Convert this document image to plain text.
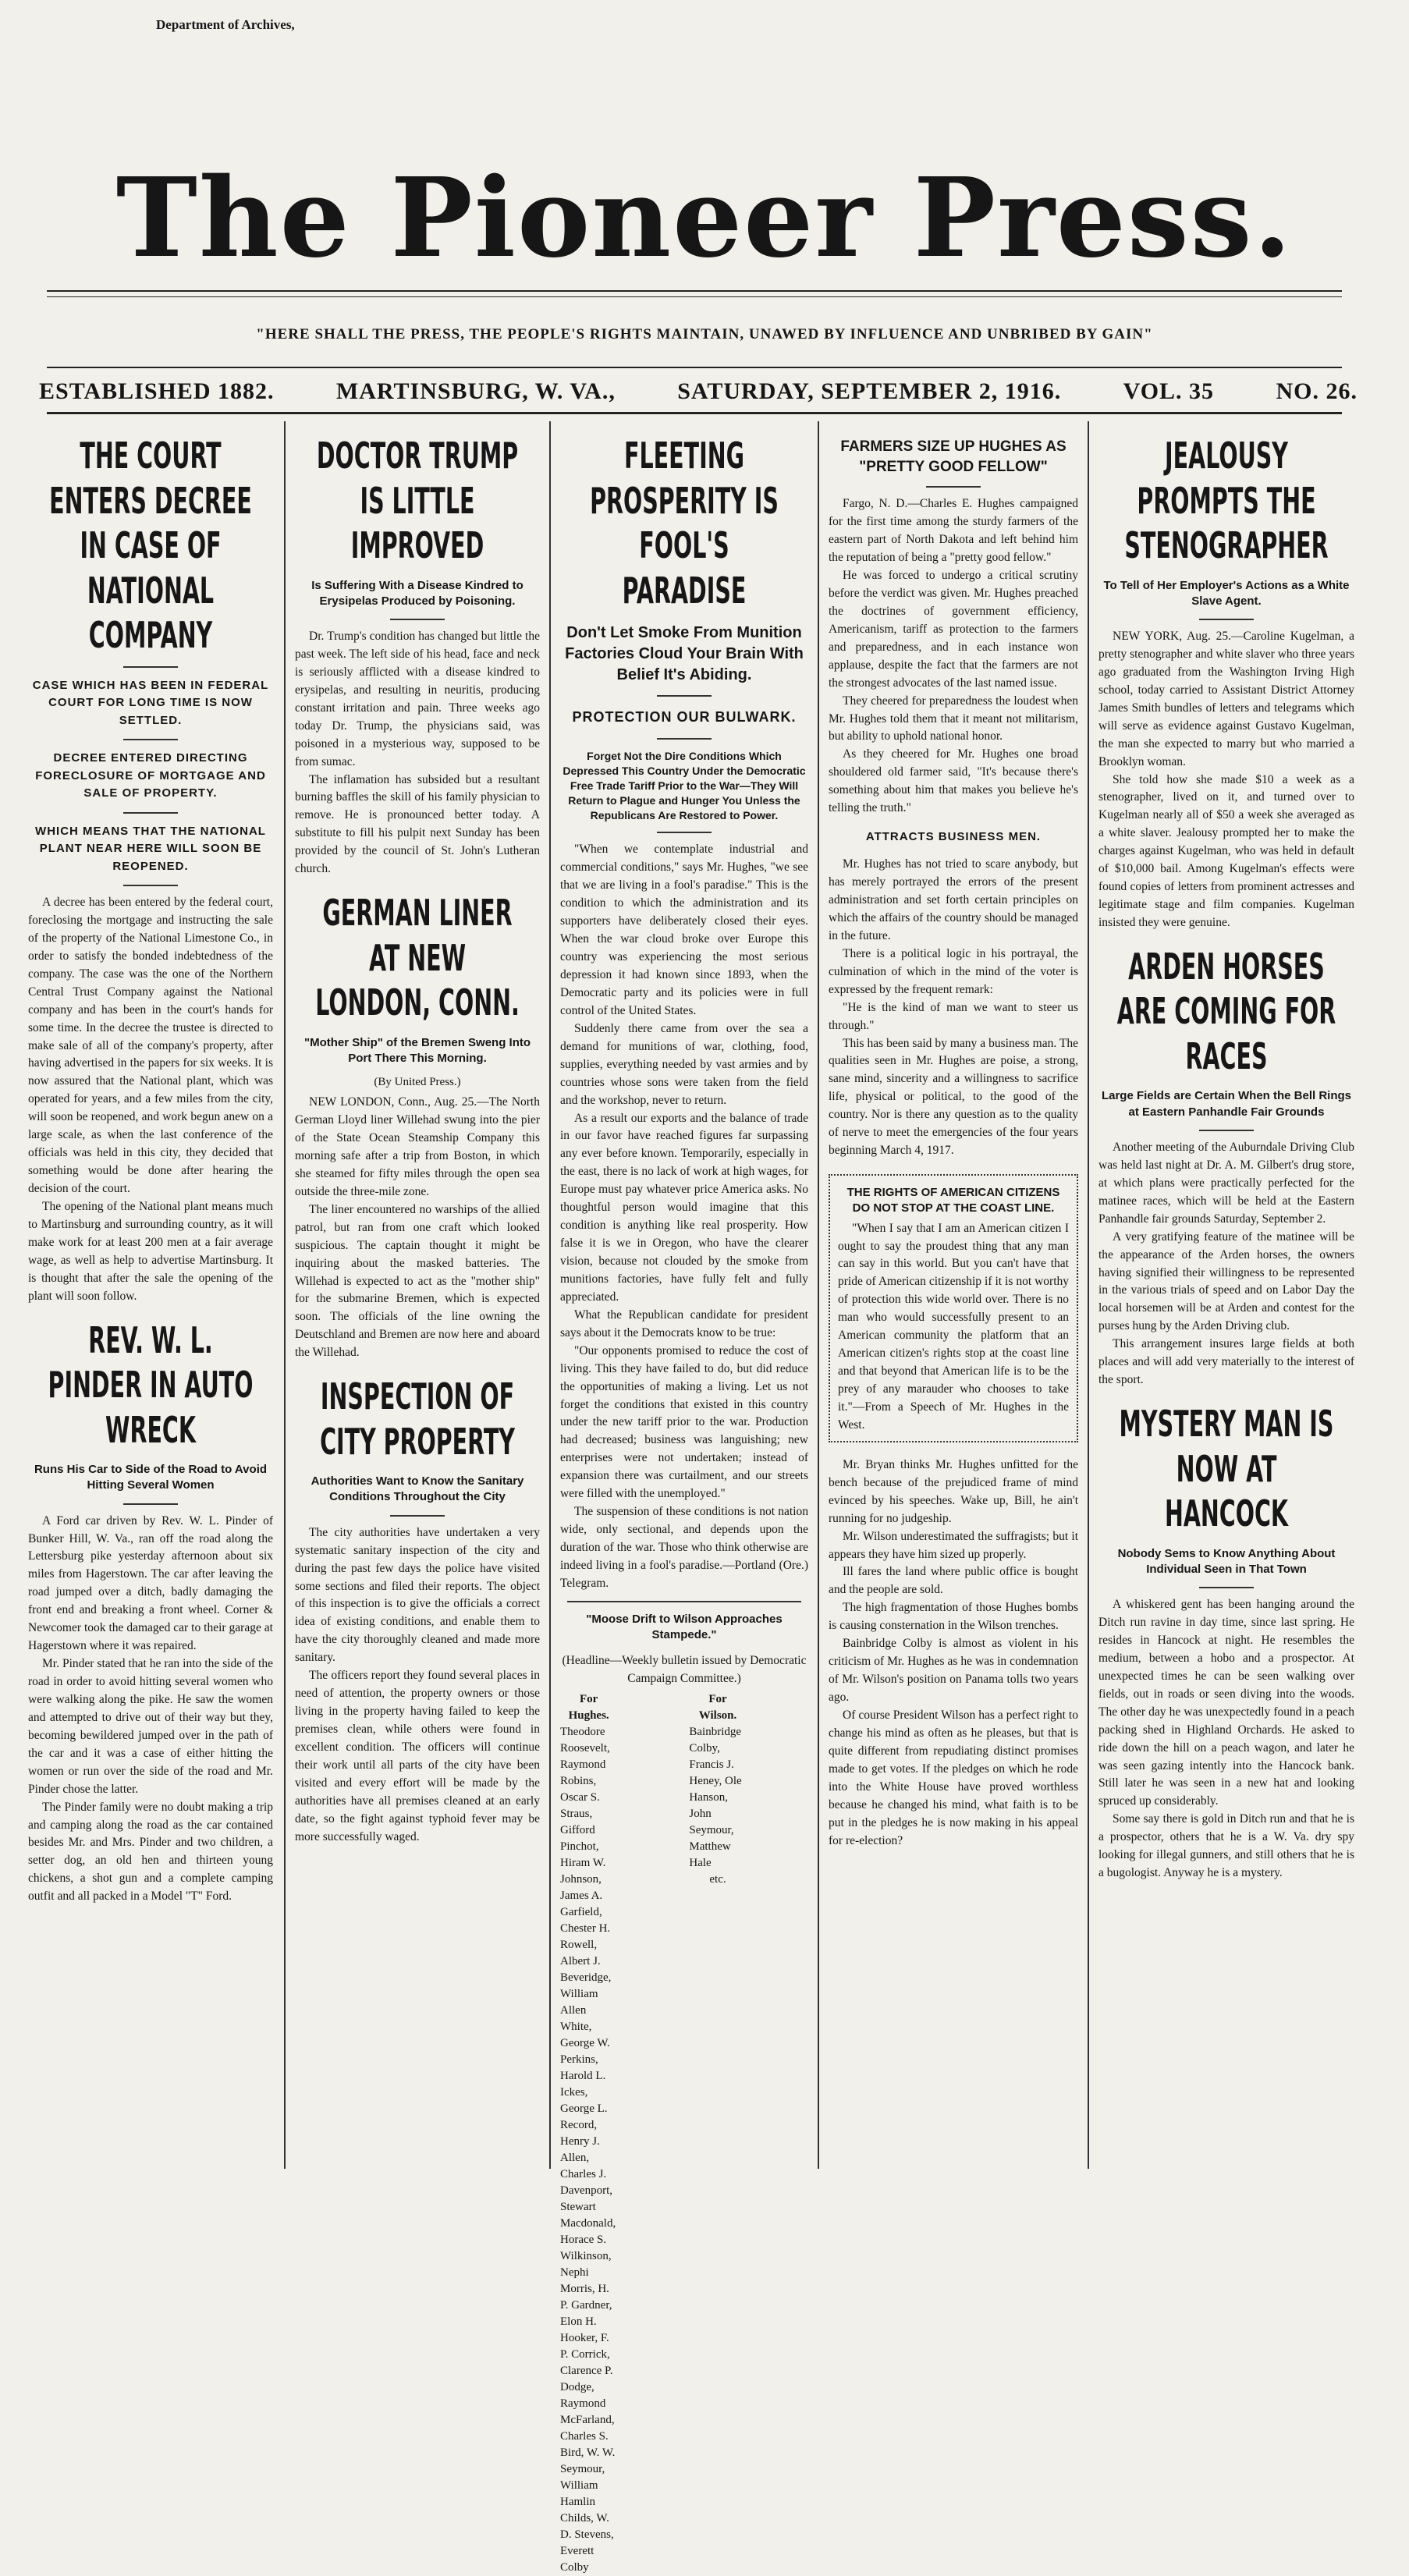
Department of Archives,
The Pioneer Press.
"HERE SHALL THE PRESS, THE PEOPLE'S RIGHTS MAINTAIN, UNAWED BY INFLUENCE AND UNBRIBED BY GAIN"
ESTABLISHED 1882.	MARTINSBURG, W. VA.,	SATURDAY, SEPTEMBER 2, 1916.	VOL. 35	NO. 26.
THE COURT ENTERS DECREE IN CASE OF NATIONAL COMPANY
CASE WHICH HAS BEEN IN FEDERAL COURT FOR LONG TIME IS NOW SETTLED.
DECREE ENTERED DIRECTING FORECLOSURE OF MORTGAGE AND SALE OF PROPERTY.
WHICH MEANS THAT THE NATIONAL PLANT NEAR HERE WILL SOON BE REOPENED.

A decree has been entered by the federal court, foreclosing the mortgage and instructing the sale of the property of the National Limestone Co., in order to satisfy the bonded indebtedness of the company. The case was the one of the Northern Central Trust Company against the National company and has been in the court's hands for some time. In the decree the trustee is directed to make sale of all of the company's property, after having advertised in the papers for six weeks. It is now assured that the National plant, which was operated for years, and a few miles from the city, will soon be reopened, and work begun anew on a large scale, as when the last conference of the officials was held in this city, they decided that something would be done after hearing the decision of the court.

The opening of the National plant means much to Martinsburg and surrounding country, as it will make work for at least 200 men at a fair average wage, as well as help to advertise Martinsburg. It is thought that after the sale the opening of the plant will soon follow.

REV. W. L. PINDER IN AUTO WRECK
Runs His Car to Side of the Road to Avoid Hitting Several Women

A Ford car driven by Rev. W. L. Pinder of Bunker Hill, W. Va., ran off the road along the Lettersburg pike yesterday afternoon about six miles from Hagerstown. The car after leaving the road jumped over a ditch, badly damaging the front end and breaking a front wheel. Corner & Newcomer took the damaged car to their garage at Hagerstown where it was repaired.

Mr. Pinder stated that he ran into the side of the road in order to avoid hitting several women who were walking along the pike. He saw the women and attempted to drive out of their way but they, becoming bewildered jumped over in the path of the car and it was a case of either hitting the women or run over the side of the road and Mr. Pinder chose the latter.

The Pinder family were no doubt making a trip and camping along the road as the car contained besides Mr. and Mrs. Pinder and two children, a setter dog, an old hen and thirteen young chickens, a shot gun and a complete camping outfit and all packed in a Model "T" Ford.

DOCTOR TRUMP IS LITTLE IMPROVED
Is Suffering With a Disease Kindred to Erysipelas Produced by Poisoning.

Dr. Trump's condition has changed but little the past week. The left side of his head, face and neck is seriously afflicted with a disease kindred to erysipelas, and resulting in neuritis, producing constant irritation and pain. Three weeks ago today Dr. Trump, the physicians said, was poisoned in a mysterious way, supposed to be from sumac.

The inflamation has subsided but a resultant burning baffles the skill of his family physician to remove. He is pronounced better today. A substitute to fill his pulpit next Sunday has been provided by the council of St. John's Lutheran church.

GERMAN LINER AT NEW LONDON, CONN.
"Mother Ship" of the Bremen Sweng Into Port There This Morning.
(By United Press.)

NEW LONDON, Conn., Aug. 25.—The North German Lloyd liner Willehad swung into the pier of the State Ocean Steamship Company this morning safe after a trip from Boston, in which she steamed for fifty miles through the open sea outside the three-mile zone.

The liner encountered no warships of the allied patrol, but ran from one craft which looked suspicious. The captain thought it might be inquiring about the masked batteries. The Willehad is expected to act as the "mother ship" for the submarine Bremen, which is expected soon. The officials of the line owning the Deutschland and Bremen are now here and aboard the Willehad.

INSPECTION OF CITY PROPERTY
Authorities Want to Know the Sanitary Conditions Throughout the City

The city authorities have undertaken a very systematic sanitary inspection of the city and during the past few days the police have visited some sections and filed their reports. The object of this inspection is to give the officials a correct idea of existing conditions, and enable them to have the city thoroughly cleaned and made more sanitary.

The officers report they found several places in need of attention, the property owners or those living in the property having failed to keep the premises clean, while others were found in excellent condition. The officers will continue their work until all parts of the city have been visited and every effort will be made by the authorities have all premises cleaned at an early date, so the fight against typhoid fever may be more successfully waged.

FLEETING PROSPERITY IS FOOL'S PARADISE
Don't Let Smoke From Munition Factories Cloud Your Brain With Belief It's Abiding.
PROTECTION OUR BULWARK.
Forget Not the Dire Conditions Which Depressed This Country Under the Democratic Free Trade Tariff Prior to the War—They Will Return to Plague and Hunger You Unless the Republicans Are Restored to Power.

"When we contemplate industrial and commercial conditions," says Mr. Hughes, "we see that we are living in a fool's paradise." This is the condition to which the administration and its supporters have deliberately closed their eyes. When the war cloud broke over Europe this country was experiencing the most serious depression it had known since 1893, when the Democratic party and its policies were in full control of the United States.

Suddenly there came from over the sea a demand for munitions of war, clothing, food, supplies, everything needed by vast armies and by countries whose sons were taken from the field and the workshop, never to return.

As a result our exports and the balance of trade in our favor have reached figures far surpassing any ever before known. Temporarily, especially in the east, there is no lack of work at high wages, for Europe must pay whatever price America asks. No thoughtful person would imagine that this condition is anything like real prosperity. How false it is we in Oregon, who have the clearer vision, because not clouded by the smoke from munitions factories, have fully felt and fully appreciated.

What the Republican candidate for president says about it the Democrats know to be true:

"Our opponents promised to reduce the cost of living. This they have failed to do, but did reduce the opportunities of making a living. Let us not forget the conditions that existed in this country under the new tariff prior to the war. Production had decreased; business was languishing; new enterprises were not undertaken; instead of expansion there was curtailment, and our streets were filled with the unemployed."

The suspension of these conditions is not nation wide, only sectional, and depends upon the duration of the war. Those who think otherwise are indeed living in a fool's paradise.—Portland (Ore.) Telegram.

"Moose Drift to Wilson Approaches Stampede."

(Headline—Weekly bulletin issued by Democratic Campaign Committee.)

For Hughes.
Theodore Roosevelt, Raymond Robins, Oscar S. Straus, Gifford Pinchot, Hiram W. Johnson, James A. Garfield, Chester H. Rowell, Albert J. Beveridge, William Allen White, George W. Perkins, Harold L. Ickes, George L. Record, Henry J. Allen, Charles J. Davenport, Stewart Macdonald, Horace S. Wilkinson, Nephi Morris, H. P. Gardner, Elon H. Hooker, F. P. Corrick, Clarence P. Dodge, Raymond McFarland, Charles S. Bird, W. W. Seymour, William Hamlin Childs, W. D. Stevens, Everett Colby
For Wilson.
Bainbridge Colby, Francis J. Heney, Ole Hanson, John Seymour, Matthew Hale
etc.
FARMERS SIZE UP HUGHES AS "PRETTY GOOD FELLOW"

Fargo, N. D.—Charles E. Hughes campaigned for the first time among the sturdy farmers of the eastern part of North Dakota and left behind him the reputation of being a "pretty good fellow."

He was forced to undergo a critical scrutiny before the verdict was given. Mr. Hughes preached the doctrines of government efficiency, Americanism, tariff as protection to the farmers and preparedness, and in each instance won applause, despite the fact that the farmers are not the strongest advocates of the last named issue.

They cheered for preparedness the loudest when Mr. Hughes told them that it meant not militarism, but ability to uphold national honor.

As they cheered for Mr. Hughes one broad shouldered old farmer said, "It's because there's something about him that makes you believe he's telling the truth."

ATTRACTS BUSINESS MEN.

Mr. Hughes has not tried to scare anybody, but has merely portrayed the errors of the present administration and set forth certain principles on which the affairs of the country should be managed in the future.

There is a political logic in his portrayal, the culmination of which in the mind of the voter is expressed by the frequent remark:

"He is the kind of man we want to steer us through."

This has been said by many a business man. The qualities seen in Mr. Hughes are poise, a strong, sane mind, sincerity and a willingness to sacrifice life, physical or political, to the good of the country. Nor is there any question as to the quality of nerve to meet the emergencies of the four years beginning March 4, 1917.

THE RIGHTS OF AMERICAN CITIZENS DO NOT STOP AT THE COAST LINE.

"When I say that I am an American citizen I ought to say the proudest thing that any man can say in this world. But you can't have that pride of American citizenship if it is not worthy of protection this wide world over. There is no man who would successfully present to an American community the platform that an American citizen's rights stop at the coast line and that beyond that American life is to be the prey of any marauder who chooses to take it."—From a Speech of Mr. Hughes in the West.

Mr. Bryan thinks Mr. Hughes unfitted for the bench because of the prejudiced frame of mind evinced by his speeches. Wake up, Bill, he ain't running for no judgeship.

Mr. Wilson underestimated the suffragists; but it appears they have him sized up properly.

Ill fares the land where public office is bought and the people are sold.

The high fragmentation of those Hughes bombs is causing consternation in the Wilson trenches.

Bainbridge Colby is almost as violent in his criticism of Mr. Hughes as he was in condemnation of Mr. Wilson's position on Panama tolls two years ago.

Of course President Wilson has a perfect right to change his mind as often as he pleases, but that is quite different from repudiating distinct promises made to get votes. If the pledges on which he rode into the White House have proved worthless because he changed his mind, what faith is to be put in the pledges he is now making in his appeal for re-election?

JEALOUSY PROMPTS THE STENOGRAPHER
To Tell of Her Employer's Actions as a White Slave Agent.

NEW YORK, Aug. 25.—Caroline Kugelman, a pretty stenographer and white slaver who three years ago graduated from the Washington Irving High school, today carried to Assistant District Attorney James Smith bundles of letters and telegrams which will serve as evidence against Gustavo Kugelman, the man she expected to marry but who married a Brooklyn woman.

She told how she made $10 a week as a stenographer, lived on it, and turned over to Kugelman nearly all of $50 a week she averaged as a white slaver. Jealousy prompted her to make the charges against Kugelman, who was held in default of $10,000 bail. Among Kugelman's effects were found copies of letters from prominent actresses and legitimate stage and film companies. Kugelman insisted they were genuine.

ARDEN HORSES ARE COMING FOR RACES
Large Fields are Certain When the Bell Rings at Eastern Panhandle Fair Grounds

Another meeting of the Auburndale Driving Club was held last night at Dr. A. M. Gilbert's drug store, at which plans were practically perfected for the matinee races, which will be held at the Eastern Panhandle fair grounds Saturday, September 2.

A very gratifying feature of the matinee will be the appearance of the Arden horses, the owners having signified their willingness to be represented in the various trials of speed and on Labor Day the local horsemen will be at Arden and contest for the purses hung by the Arden Driving club.

This arrangement insures large fields at both places and will add very materially to the interest of the sport.

MYSTERY MAN IS NOW AT HANCOCK
Nobody Sems to Know Anything About Individual Seen in That Town

A whiskered gent has been hanging around the Ditch run ravine in day time, since last spring. He resides in Hancock at night. He resembles the medium, between a hobo and a prospector. At unexpected times he can be seen walking over fields, out in roads or seen diving into the woods. The other day he was unexpectedly found in a peach packing shed in Highland Orchards. He asked to ride down the hill on a peach wagon, and later he was seen gazing intently into the Hancock bank. Still later he was seen in a new hat and looking spruced up considerably.

Some say there is gold in Ditch run and that he is a prospector, others that he is a W. Va. dry spy looking for illegal gunners, and still others that he is a bugologist. Anyway he is a mystery.
